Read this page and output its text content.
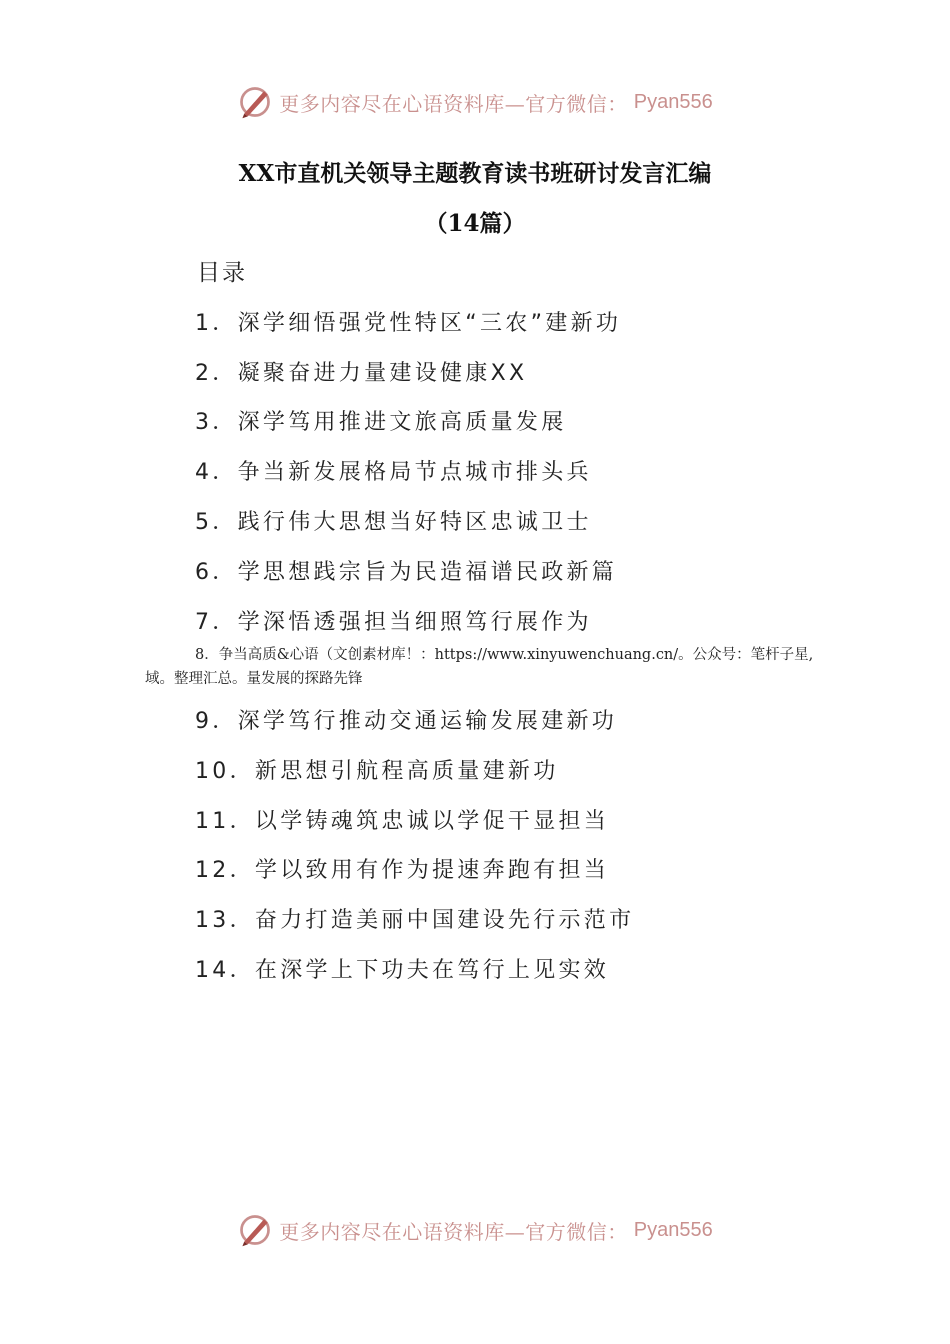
更多内容尽在心语资料库—官方微信： Pyan556
XX市直机关领导主题教育读书班研讨发言汇编
（14篇）
目录
1．深学细悟强党性特区“三农”建新功
2．凝聚奋进力量建设健康XX
3．深学笃用推进文旅高质量发展
4．争当新发展格局节点城市排头兵
5．践行伟大思想当好特区忠诚卫士
6．学思想践宗旨为民造福谱民政新篇
7．学深悟透强担当细照笃行展作为
8．争当高质&心语（文创素材库！：https://www.xinyuwenchuang.cn/。公众号：笔杆子星,域。整理汇总。量发展的探路先锋
9．深学笃行推动交通运输发展建新功
10．新思想引航程高质量建新功
11．以学铸魂筑忠诚以学促干显担当
12．学以致用有作为提速奔跑有担当
13．奋力打造美丽中国建设先行示范市
14．在深学上下功夫在笃行上见实效
更多内容尽在心语资料库—官方微信： Pyan556
